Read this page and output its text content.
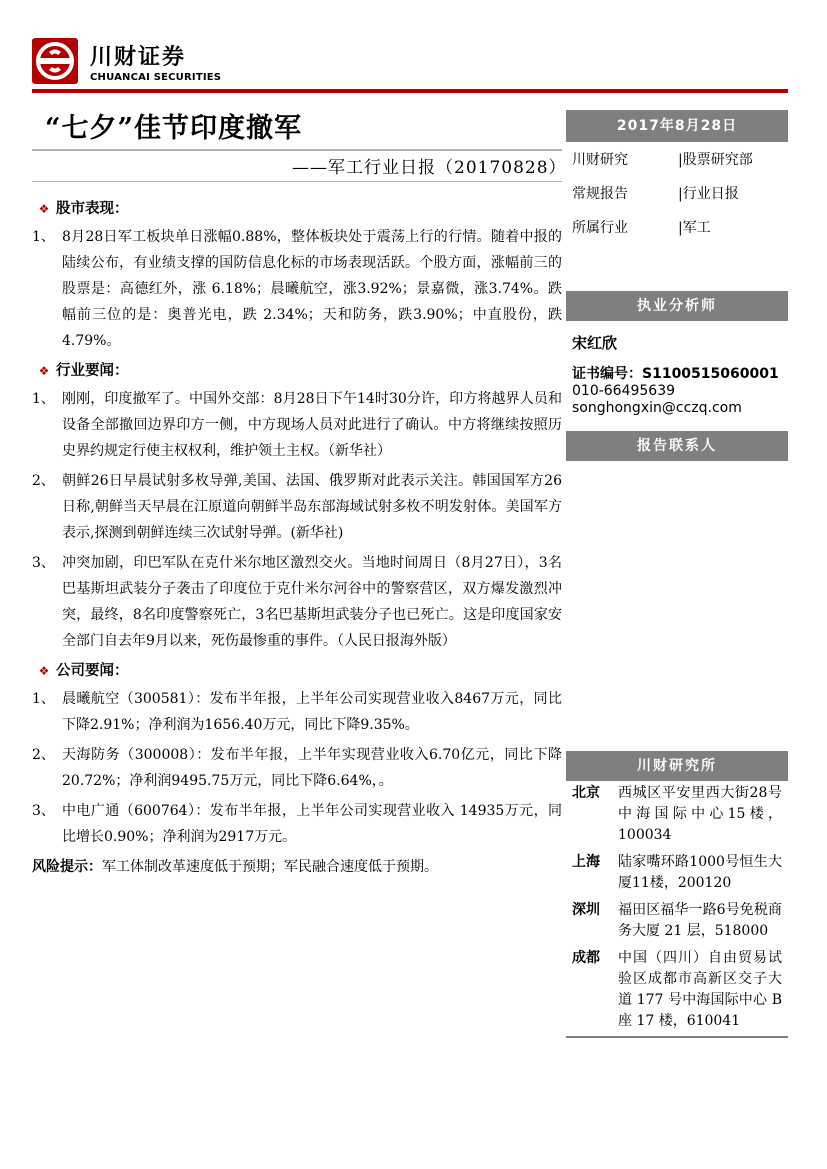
川财证券
CHUANCAI SECURITIES
“七夕”佳节印度撤军
——军工行业日报（20170828）
❖ 股市表现：
1、 8月28日军工板块单日涨幅0.88%，整体板块处于震荡上行的行情。随着中报的陆续公布，有业绩支撑的国防信息化标的市场表现活跃。个股方面，涨幅前三的股票是：高德红外，涨 6.18%；晨曦航空，涨3.92%；景嘉微，涨3.74%。跌幅前三位的是：奥普光电，跌 2.34%；天和防务，跌3.90%；中直股份，跌4.79%。
❖ 行业要闻：
1、 刚刚，印度撤军了。中国外交部：8月28日下午14时30分许，印方将越界人员和设备全部撤回边界印方一侧，中方现场人员对此进行了确认。中方将继续按照历史界约规定行使主权权利，维护领土主权。（新华社）
2、 朝鲜26日早晨试射多枚导弹,美国、法国、俄罗斯对此表示关注。韩国国军方26日称,朝鲜当天早晨在江原道向朝鲜半岛东部海域试射多枚不明发射体。美国军方表示,探测到朝鲜连续三次试射导弹。(新华社)
3、 冲突加剧，印巴军队在克什米尔地区激烈交火。当地时间周日（8月27日），3名巴基斯坦武装分子袭击了印度位于克什米尔河谷中的警察营区，双方爆发激烈冲突，最终，8名印度警察死亡，3名巴基斯坦武装分子也已死亡。这是印度国家安全部门自去年9月以来，死伤最惨重的事件。（人民日报海外版）
❖ 公司要闻：
1、 晨曦航空（300581）：发布半年报，上半年公司实现营业收入8467万元，同比下降2.91%；净利润为1656.40万元，同比下降9.35%。
2、 天海防务（300008）：发布半年报，上半年实现营业收入6.70亿元，同比下降20.72%；净利润9495.75万元，同比下降6.64%，。
3、 中电广通（600764）：发布半年报，上半年公司实现营业收入 14935万元，同比增长0.90%；净利润为2917万元。
风险提示：军工体制改革速度低于预期；军民融合速度低于预期。
2017年8月28日
川财研究	|股票研究部
常规报告	|行业日报
所属行业	|军工
执业分析师
宋红欣
证书编号：S1100515060001
010-66495639
songhongxin@cczq.com
报告联系人
川财研究所
北京	西城区平安里西大街28号中海国际中心15楼，100034
上海	陆家嘴环路1000号恒生大厦11楼，200120
深圳	福田区福华一路6号免税商务大厦 21 层，518000
成都	中国（四川）自由贸易试验区成都市高新区交子大道 177 号中海国际中心 B 座 17 楼，610041
